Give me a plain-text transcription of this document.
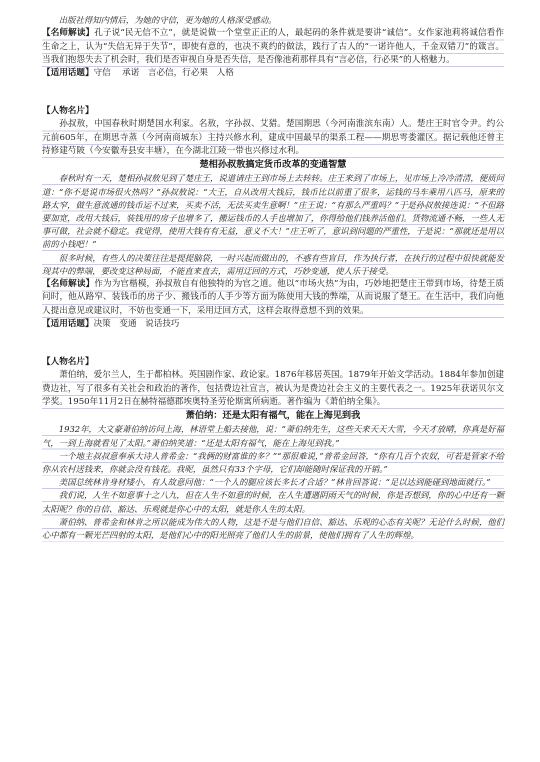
出版社得知内情后，为她的守信，更为她的人格深受感动。

【名师解读】孔子说“民无信不立”，就是说做一个堂堂正正的人，最起码的条件就是要讲“诚信”。女作家池莉将诚信看作生命之上，认为“失信无异于失节”，即使有意的，也决不爽约的做法，践行了古人的“一诺许他人，千金双错刀”的箴言。当我们抱怨失去了机会时，我们是否审视自身是否失信，是否像池莉那样具有“言必信，行必果”的人格魅力。

【适用话题】守信　 承诺　言必信，行必果　人格

【人物名片】

孙叔敖，中国春秋时期楚国水利家。名敖，字孙叔、艾猎。楚国期思（今河南淮滨东南）人。楚庄王时官令尹。约公元前605年，在期思寺蒸（今河南商城东）主持兴修水利，建成中国最早的渠系工程——期思雩娄灌区。据记载他还曾主持修建芍陂（今安徽寿县安丰塘），在今湖北江陵一带也兴修过水利。

楚相孙叔敖搞定货币改革的变通智慧

春秋时有一天，楚相孙叔敖见到了楚庄王，说道请庄王到市场上去转转。庄王来到了市场上，见市场上冷冷清清，便质问道：“你不是说市场很火热吗？”孙叔敖说：“大王，自从改用大钱后，钱币比以前重了很多，运钱的马车乘用八匹马，原来的路太窄，做生意流通的钱币运不过来，买卖不活，无法买卖生意啊！”庄王说：“有那么严重吗？”于是孙叔敖接连说：“不但路要加宽，改用大钱后，装钱用的房子也增多了，搬运钱币的人手也增加了，你得给他们钱养活他们。货物流通不畅，一些人无事可做，社会就不稳定。我觉得，使用大钱有有无益，意义不大！”庄王听了，意识到问题的严重性，于是说：“那就还是用以前的小钱吧！”

很多时候，有些人的决策往往是提提脑袋，一时兴起而做出的，不惑有些盲目，作为执行者，在执行的过程中很快就能发现其中的弊端，要改变这种局面，不能直来直去，需用迂回的方式，巧妙变通，使人乐于接受。

【名师解读】作为为官楷模，孙叔敖自有他独特的为官之道。他以“市场火热”为由，巧妙地把楚庄王带到市场，待楚王质问时，他从路窄、装钱币的房子少、搬钱币的人手少等方面为陈使用大钱的弊端，从而说服了楚王。在生活中，我们向他人提出意见或建议时，不妨也变通一下，采用迂回方式，这样会取得意想不到的效果。

【适用话题】决策　变通　说话技巧

【人物名片】

萧伯纳，爱尔兰人，生于都柏林。英国剧作家、政论家。1876年移居英国。1879年开始文学活动。1884年参加创建费边社，写了很多有关社会和政治的著作，包括费边社宣言，被认为是费边社会主义的主要代表之一。1925年获诺贝尔文学奖。1950年11月2日在赫特福德郡埃奥特圣劳伦斯寓所病逝。著作编为《萧伯纳全集》。

萧伯纳：还是太阳有福气，能在上海见到我

1932年，大文豪萧伯纳访问上海，林语堂上船去接他，说：“萧伯纳先生，这些天来天天大雪，今天才放晴，你真是好福气，一到上海就看见了太阳。”萧伯纳笑道：“还是太阳有福气，能在上海见到我。”

一个地主叔叔意奉承大诗人普希金：“我俩的财富谁的多？”“那很难说，”普希金回答，“你有几百个农奴，可若是管家不给你从农村送钱来，你就会没有钱花。我呢，虽然只有33个字母，它们却能随时保证我的开销。”

美国总统林肯身材矮小，有人故意问他：“一个人的腿应该长多长才合适？”林肯回答说：“足以达到能碰到地面就行。”

我们说，人生不如意事十之八九，但在人生不如意的时候，在人生遭遇阴雨天气的时候，你是否想到，你的心中还有一颗太阳呢？你的自信、豁达、乐观就是你心中的太阳，就是你人生的太阳。

萧伯纳、普希金和林肯之所以能成为伟大的人物，这是不是与他们自信、豁达、乐观的心态有关呢？无论什么时候，他们心中都有一颗光芒四射的太阳，是他们心中的阳光照亮了他们人生的前景，使他们拥有了人生的辉煌。
